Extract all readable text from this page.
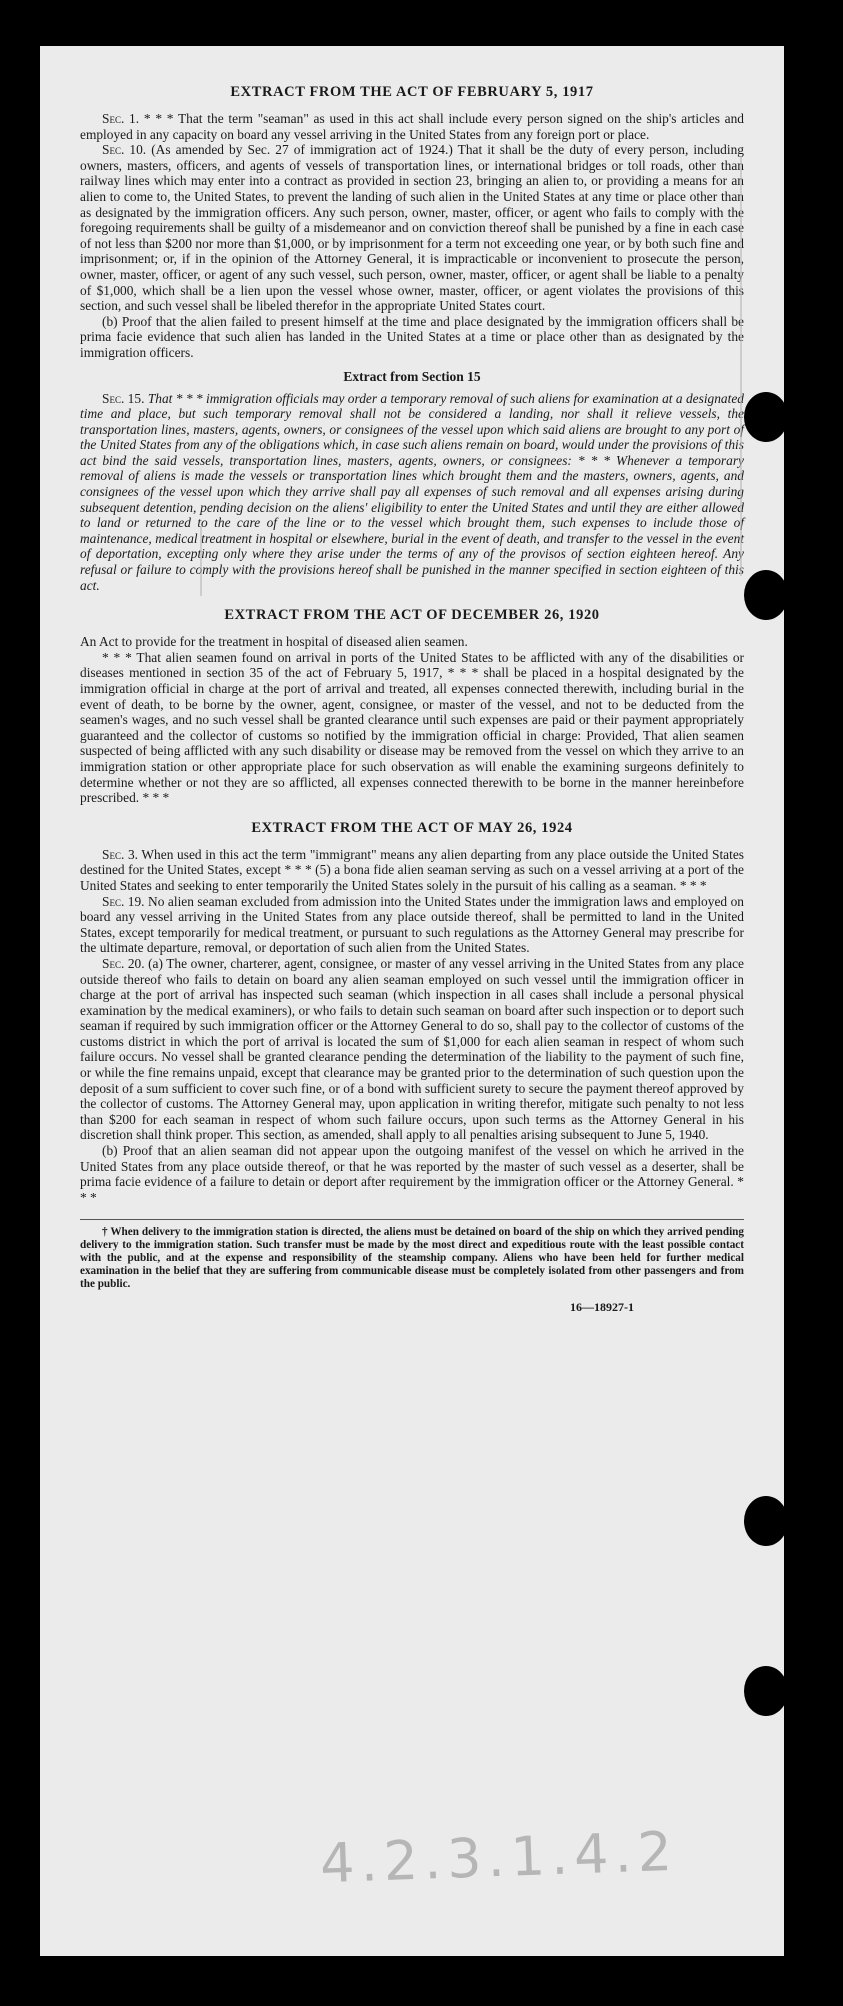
EXTRACT FROM THE ACT OF FEBRUARY 5, 1917

Sec. 1. * * * That the term "seaman" as used in this act shall include every person signed on the ship's articles and employed in any capacity on board any vessel arriving in the United States from any foreign port or place.

Sec. 10. (As amended by Sec. 27 of immigration act of 1924.) That it shall be the duty of every person, including owners, masters, officers, and agents of vessels of transportation lines, or international bridges or toll roads, other than railway lines which may enter into a contract as provided in section 23, bringing an alien to, or providing a means for an alien to come to, the United States, to prevent the landing of such alien in the United States at any time or place other than as designated by the immigration officers. Any such person, owner, master, officer, or agent who fails to comply with the foregoing requirements shall be guilty of a misdemeanor and on conviction thereof shall be punished by a fine in each case of not less than $200 nor more than $1,000, or by imprisonment for a term not exceeding one year, or by both such fine and imprisonment; or, if in the opinion of the Attorney General, it is impracticable or inconvenient to prosecute the person, owner, master, officer, or agent of any such vessel, such person, owner, master, officer, or agent shall be liable to a penalty of $1,000, which shall be a lien upon the vessel whose owner, master, officer, or agent violates the provisions of this section, and such vessel shall be libeled therefor in the appropriate United States court.

(b) Proof that the alien failed to present himself at the time and place designated by the immigration officers shall be prima facie evidence that such alien has landed in the United States at a time or place other than as designated by the immigration officers.

Extract from Section 15

Sec. 15. That * * * immigration officials may order a temporary removal of such aliens for examination at a designated time and place, but such temporary removal shall not be considered a landing, nor shall it relieve vessels, the transportation lines, masters, agents, owners, or consignees of the vessel upon which said aliens are brought to any port of the United States from any of the obligations which, in case such aliens remain on board, would under the provisions of this act bind the said vessels, transportation lines, masters, agents, owners, or consignees: * * * Whenever a temporary removal of aliens is made the vessels or transportation lines which brought them and the masters, owners, agents, and consignees of the vessel upon which they arrive shall pay all expenses of such removal and all expenses arising during subsequent detention, pending decision on the aliens' eligibility to enter the United States and until they are either allowed to land or returned to the care of the line or to the vessel which brought them, such expenses to include those of maintenance, medical treatment in hospital or elsewhere, burial in the event of death, and transfer to the vessel in the event of deportation, excepting only where they arise under the terms of any of the provisos of section eighteen hereof. Any refusal or failure to comply with the provisions hereof shall be punished in the manner specified in section eighteen of this act.

EXTRACT FROM THE ACT OF DECEMBER 26, 1920

An Act to provide for the treatment in hospital of diseased alien seamen.

* * * That alien seamen found on arrival in ports of the United States to be afflicted with any of the disabilities or diseases mentioned in section 35 of the act of February 5, 1917, * * * shall be placed in a hospital designated by the immigration official in charge at the port of arrival and treated, all expenses connected therewith, including burial in the event of death, to be borne by the owner, agent, consignee, or master of the vessel, and not to be deducted from the seamen's wages, and no such vessel shall be granted clearance until such expenses are paid or their payment appropriately guaranteed and the collector of customs so notified by the immigration official in charge: Provided, That alien seamen suspected of being afflicted with any such disability or disease may be removed from the vessel on which they arrive to an immigration station or other appropriate place for such observation as will enable the examining surgeons definitely to determine whether or not they are so afflicted, all expenses connected therewith to be borne in the manner hereinbefore prescribed. * * *

EXTRACT FROM THE ACT OF MAY 26, 1924

Sec. 3. When used in this act the term "immigrant" means any alien departing from any place outside the United States destined for the United States, except * * * (5) a bona fide alien seaman serving as such on a vessel arriving at a port of the United States and seeking to enter temporarily the United States solely in the pursuit of his calling as a seaman. * * *

Sec. 19. No alien seaman excluded from admission into the United States under the immigration laws and employed on board any vessel arriving in the United States from any place outside thereof, shall be permitted to land in the United States, except temporarily for medical treatment, or pursuant to such regulations as the Attorney General may prescribe for the ultimate departure, removal, or deportation of such alien from the United States.

Sec. 20. (a) The owner, charterer, agent, consignee, or master of any vessel arriving in the United States from any place outside thereof who fails to detain on board any alien seaman employed on such vessel until the immigration officer in charge at the port of arrival has inspected such seaman (which inspection in all cases shall include a personal physical examination by the medical examiners), or who fails to detain such seaman on board after such inspection or to deport such seaman if required by such immigration officer or the Attorney General to do so, shall pay to the collector of customs of the customs district in which the port of arrival is located the sum of $1,000 for each alien seaman in respect of whom such failure occurs. No vessel shall be granted clearance pending the determination of the liability to the payment of such fine, or while the fine remains unpaid, except that clearance may be granted prior to the determination of such question upon the deposit of a sum sufficient to cover such fine, or of a bond with sufficient surety to secure the payment thereof approved by the collector of customs. The Attorney General may, upon application in writing therefor, mitigate such penalty to not less than $200 for each seaman in respect of whom such failure occurs, upon such terms as the Attorney General in his discretion shall think proper. This section, as amended, shall apply to all penalties arising subsequent to June 5, 1940.

(b) Proof that an alien seaman did not appear upon the outgoing manifest of the vessel on which he arrived in the United States from any place outside thereof, or that he was reported by the master of such vessel as a deserter, shall be prima facie evidence of a failure to detain or deport after requirement by the immigration officer or the Attorney General. * * *

† When delivery to the immigration station is directed, the aliens must be detained on board of the ship on which they arrived pending delivery to the immigration station. Such transfer must be made by the most direct and expeditious route with the least possible contact with the public, and at the expense and responsibility of the steamship company. Aliens who have been held for further medical examination in the belief that they are suffering from communicable disease must be completely isolated from other passengers and from the public.

16—18927-1
4.2.3.1.4.2
